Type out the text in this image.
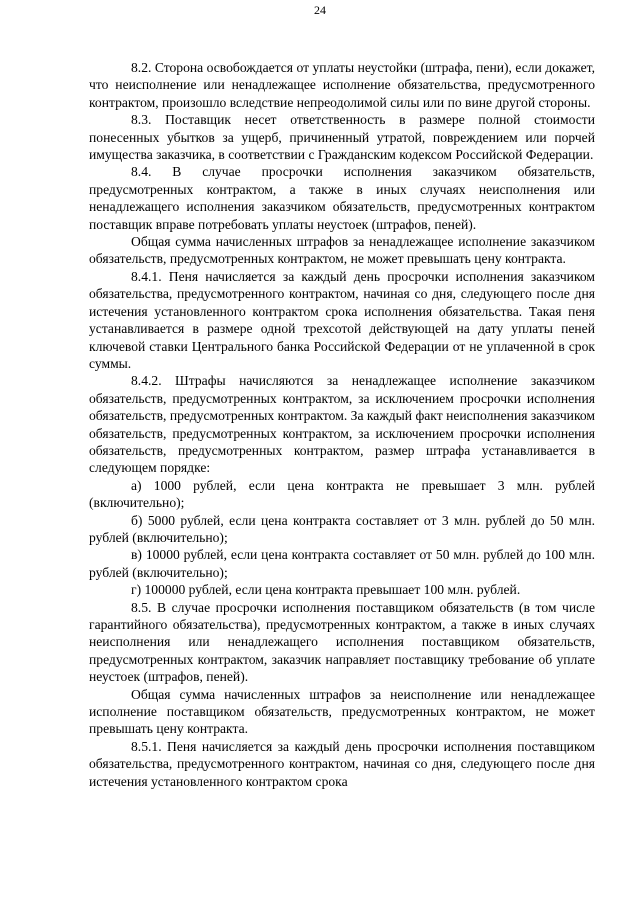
24

8.2. Сторона освобождается от уплаты неустойки (штрафа, пени), если докажет, что неисполнение или ненадлежащее исполнение обязательства, предусмотренного контрактом, произошло вследствие непреодолимой силы или по вине другой стороны.

8.3. Поставщик несет ответственность в размере полной стоимости понесенных убытков за ущерб, причиненный утратой, повреждением или порчей имущества заказчика, в соответствии с Гражданским кодексом Российской Федерации.

8.4. В случае просрочки исполнения заказчиком обязательств, предусмотренных контрактом, а также в иных случаях неисполнения или ненадлежащего исполнения заказчиком обязательств, предусмотренных контрактом поставщик вправе потребовать уплаты неустоек (штрафов, пеней).

Общая сумма начисленных штрафов за ненадлежащее исполнение заказчиком обязательств, предусмотренных контрактом, не может превышать цену контракта.

8.4.1. Пеня начисляется за каждый день просрочки исполнения заказчиком обязательства, предусмотренного контрактом, начиная со дня, следующего после дня истечения установленного контрактом срока исполнения обязательства. Такая пеня устанавливается в размере одной трехсотой действующей на дату уплаты пеней ключевой ставки Центрального банка Российской Федерации от не уплаченной в срок суммы.

8.4.2. Штрафы начисляются за ненадлежащее исполнение заказчиком обязательств, предусмотренных контрактом, за исключением просрочки исполнения обязательств, предусмотренных контрактом. За каждый факт неисполнения заказчиком обязательств, предусмотренных контрактом, за исключением просрочки исполнения обязательств, предусмотренных контрактом, размер штрафа устанавливается в следующем порядке:

а) 1000 рублей, если цена контракта не превышает 3 млн. рублей (включительно);

б) 5000 рублей, если цена контракта составляет от 3 млн. рублей до 50 млн. рублей (включительно);

в) 10000 рублей, если цена контракта составляет от 50 млн. рублей до 100 млн. рублей (включительно);

г) 100000 рублей, если цена контракта превышает 100 млн. рублей.

8.5. В случае просрочки исполнения поставщиком обязательств (в том числе гарантийного обязательства), предусмотренных контрактом, а также в иных случаях неисполнения или ненадлежащего исполнения поставщиком обязательств, предусмотренных контрактом, заказчик направляет поставщику требование об уплате неустоек (штрафов, пеней).

Общая сумма начисленных штрафов за неисполнение или ненадлежащее исполнение поставщиком обязательств, предусмотренных контрактом, не может превышать цену контракта.

8.5.1. Пеня начисляется за каждый день просрочки исполнения поставщиком обязательства, предусмотренного контрактом, начиная со дня, следующего после дня истечения установленного контрактом срока
